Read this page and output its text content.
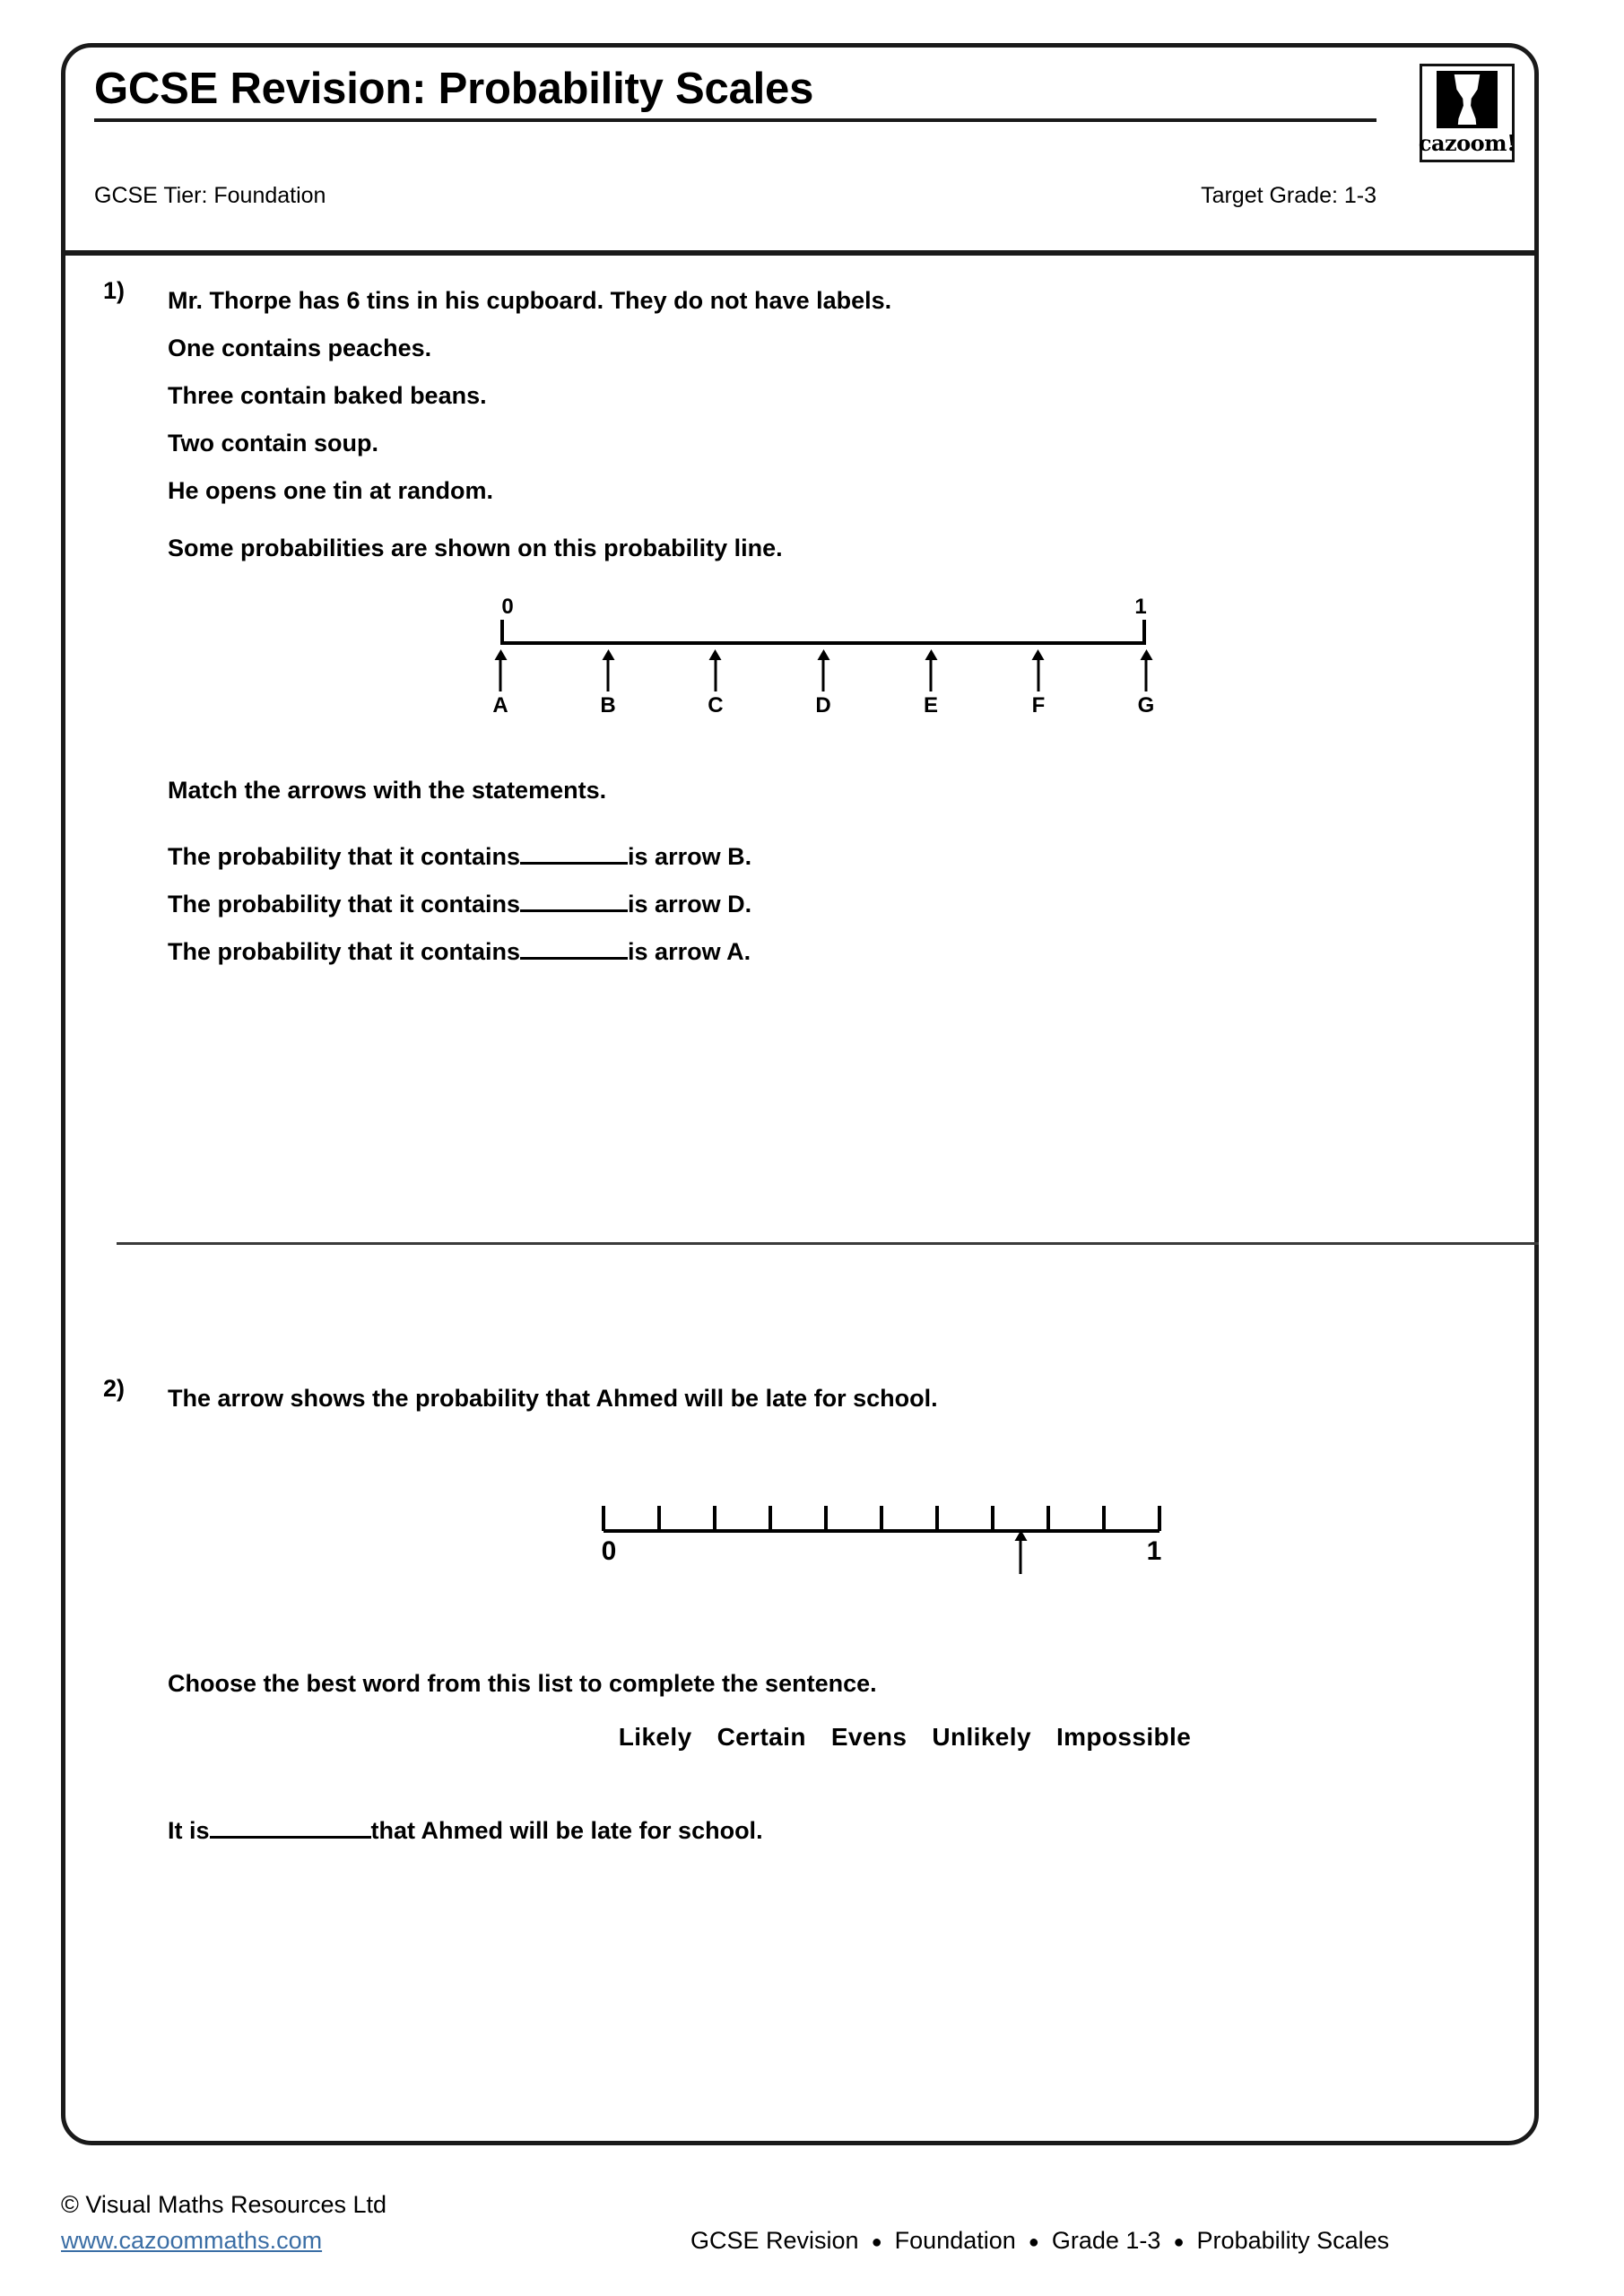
GCSE Revision: Probability Scales
GCSE Tier: Foundation	Target Grade: 1-3
cazoom!
1) Mr. Thorpe has 6 tins in his cupboard. They do not have labels.
One contains peaches.
Three contain baked beans.
Two contain soup.
He opens one tin at random.
Some probabilities are shown on this probability line.
0	1
A	B	C	D	E	F	G
Match the arrows with the statements.
The probability that it contains	is arrow B.
The probability that it contains	is arrow D.
The probability that it contains	is arrow A.
2) The arrow shows the probability that Ahmed will be late for school.
0	1
Choose the best word from this list to complete the sentence.
Likely Certain Evens Unlikely Impossible
It is	that Ahmed will be late for school.
© Visual Maths Resources Ltd
www.cazoommaths.com	GCSE Revision ● Foundation ● Grade 1-3 ● Probability Scales
